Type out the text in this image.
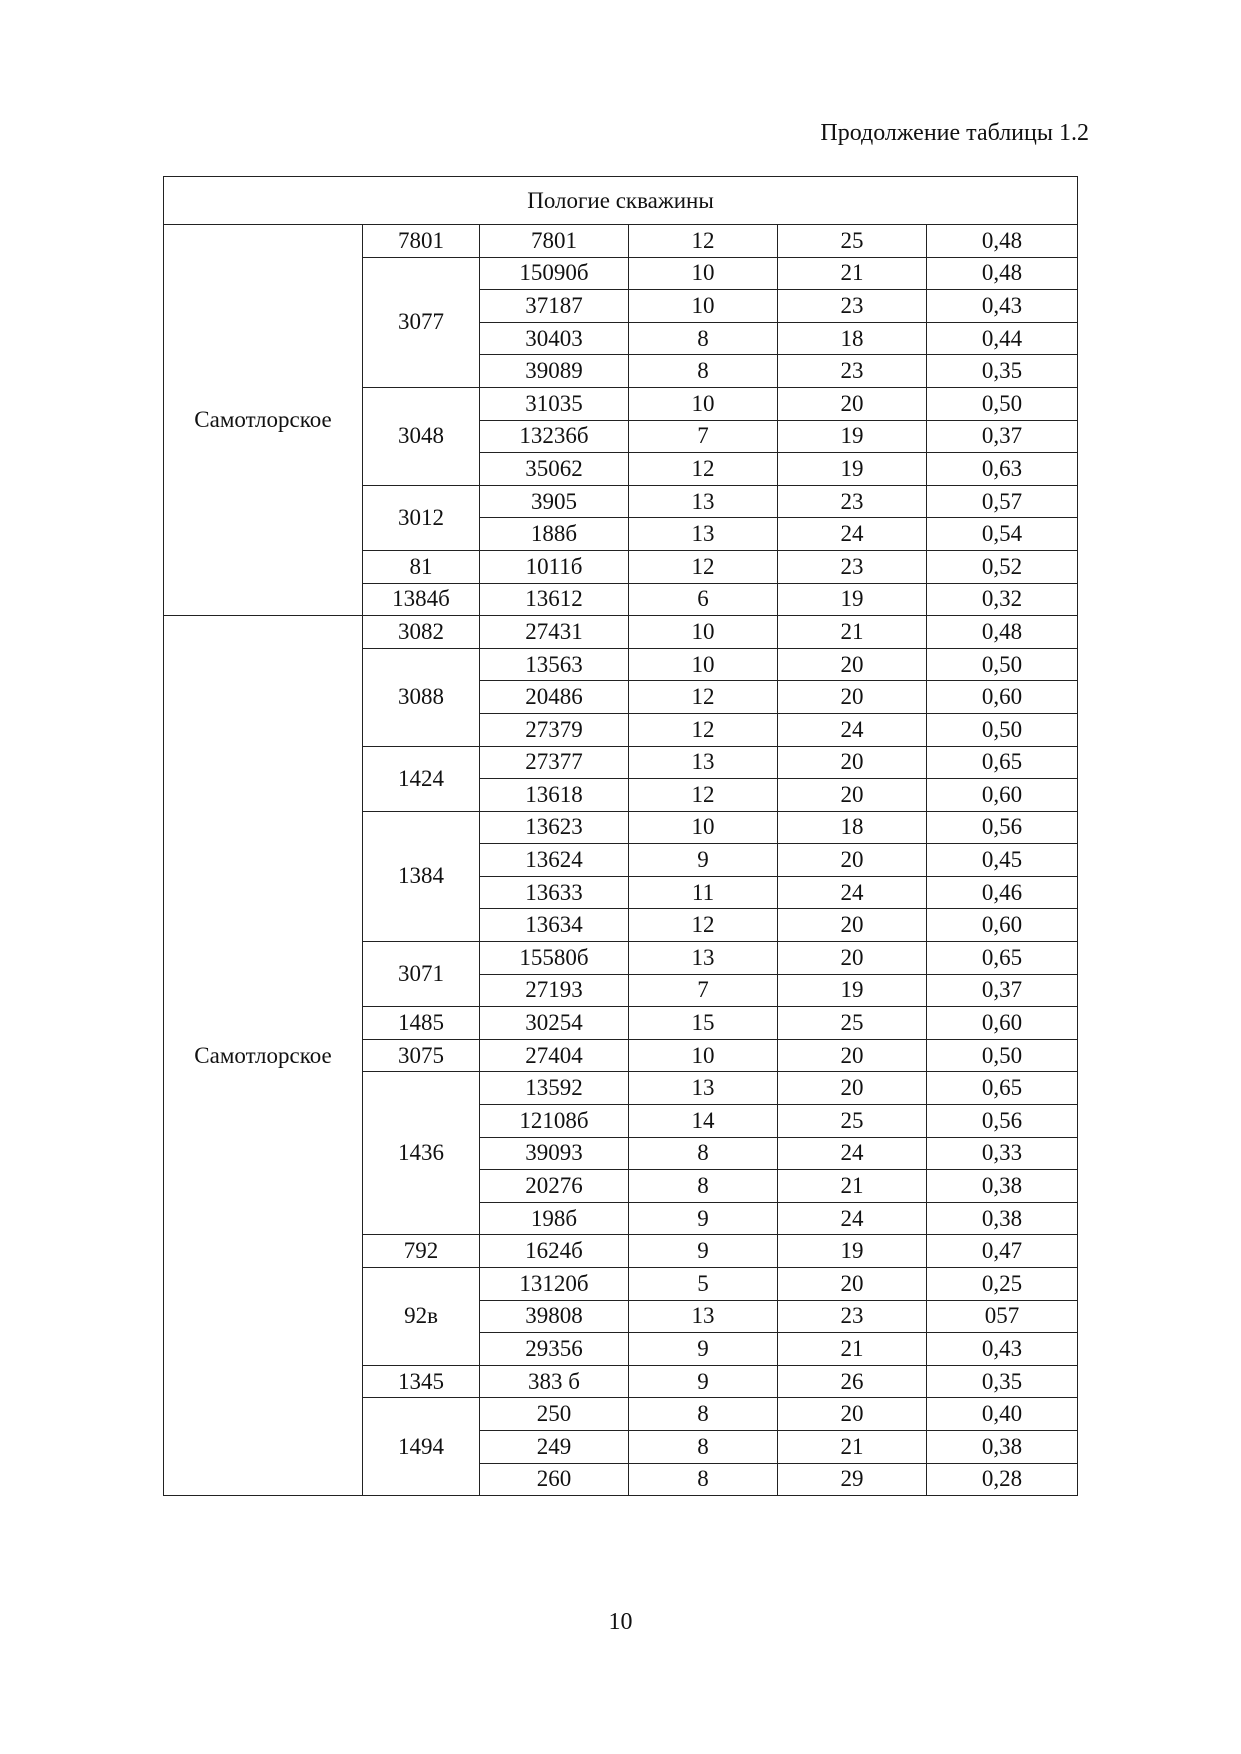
Продолжение таблицы 1.2
Пологие скважины					
Самотлорское	7801	7801	12	25	0,48
	3077	15090б	10	21	0,48
		37187	10	23	0,43
		30403	8	18	0,44
		39089	8	23	0,35
	3048	31035	10	20	0,50
		13236б	7	19	0,37
		35062	12	19	0,63
	3012	3905	13	23	0,57
		188б	13	24	0,54
	81	1011б	12	23	0,52
	1384б	13612	6	19	0,32
Самотлорское	3082	27431	10	21	0,48
	3088	13563	10	20	0,50
		20486	12	20	0,60
		27379	12	24	0,50
	1424	27377	13	20	0,65
		13618	12	20	0,60
	1384	13623	10	18	0,56
		13624	9	20	0,45
		13633	11	24	0,46
		13634	12	20	0,60
	3071	15580б	13	20	0,65
		27193	7	19	0,37
	1485	30254	15	25	0,60
	3075	27404	10	20	0,50
	1436	13592	13	20	0,65
		12108б	14	25	0,56
		39093	8	24	0,33
		20276	8	21	0,38
		198б	9	24	0,38
	792	1624б	9	19	0,47
	92в	13120б	5	20	0,25
		39808	13	23	057
		29356	9	21	0,43
	1345	383 б	9	26	0,35
	1494	250	8	20	0,40
		249	8	21	0,38
		260	8	29	0,28
10
